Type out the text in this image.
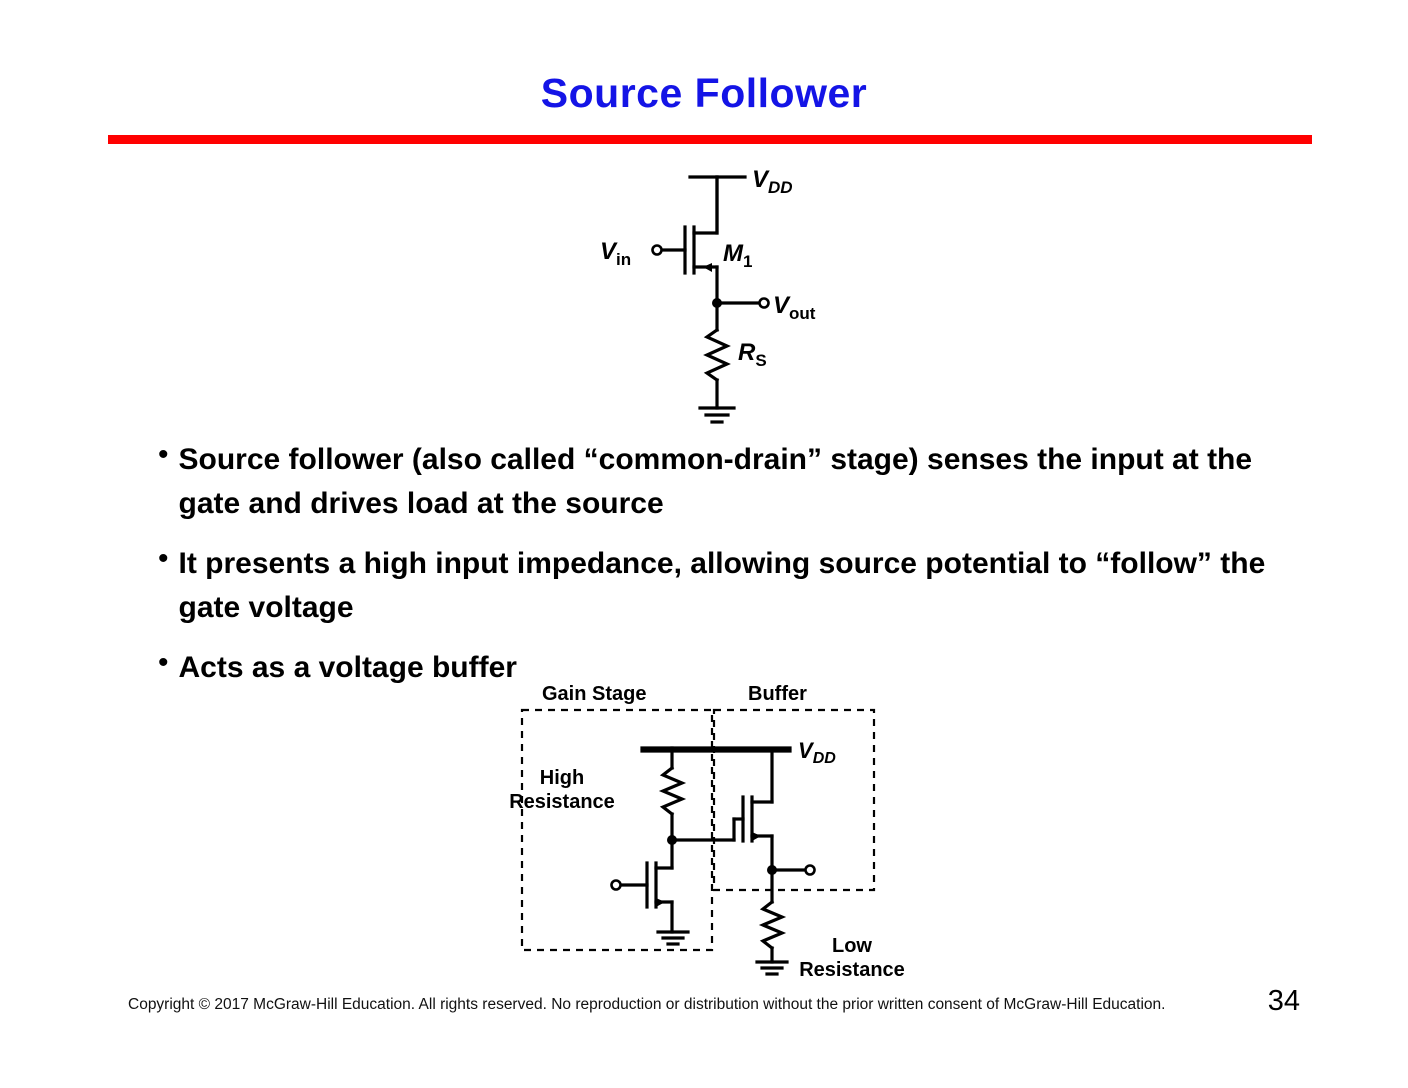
Source Follower
$V_{DD}$
$V_{in}$	$M_1$
$V_{out}$
$R_S$
• Source follower (also called “common-drain” stage) senses the input at the gate and drives load at the source
• It presents a high input impedance, allowing source potential to “follow” the gate voltage
• Acts as a voltage buffer
Gain Stage	Buffer
High
Resistance
Low
Resistance
$V_{DD}$
Copyright © 2017 McGraw-Hill Education. All rights reserved. No reproduction or distribution without the prior written consent of McGraw-Hill Education.	34
